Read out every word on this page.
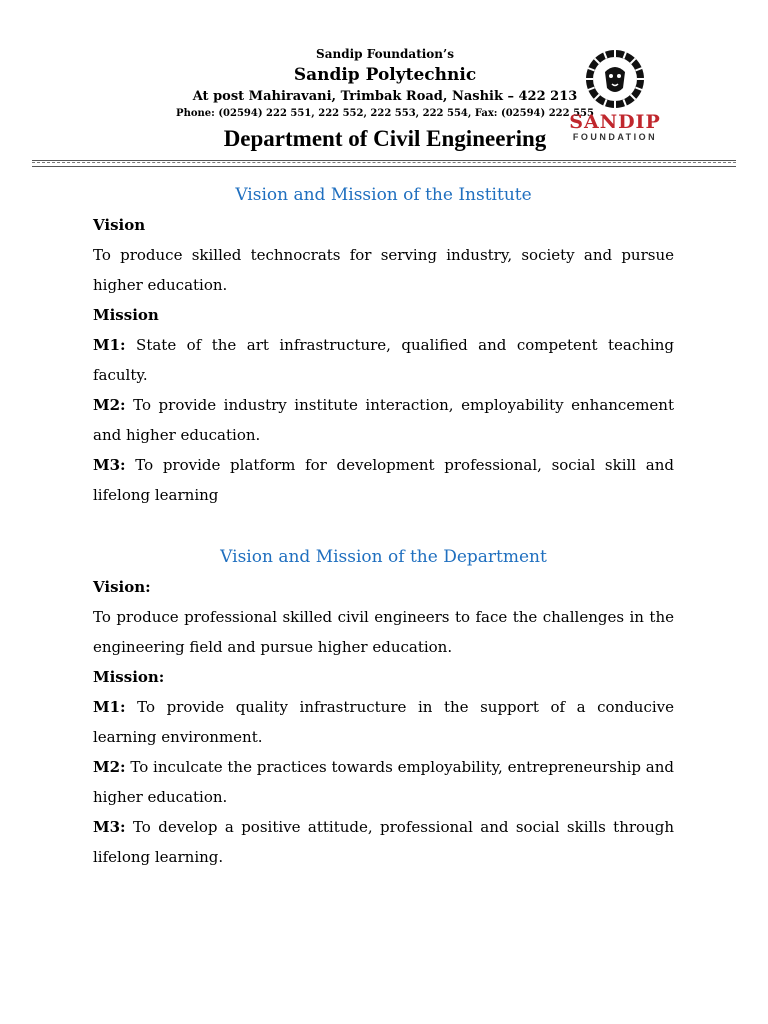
Sandip Foundation’s
Sandip Polytechnic
At post Mahiravani, Trimbak Road, Nashik – 422 213
Phone: (02594) 222 551, 222 552, 222 553, 222 554, Fax: (02594) 222 555
Department of Civil Engineering
SANDIP
FOUNDATION

Vision and Mission of the Institute

Vision

To produce skilled technocrats for serving industry, society and pursue higher education.

Mission

M1: State of the art infrastructure, qualified and competent teaching faculty.

M2: To provide industry institute interaction, employability enhancement and higher education.

M3: To provide platform for development professional, social skill and lifelong learning

Vision and Mission of the Department

Vision:

To produce professional skilled civil engineers to face the challenges in the engineering field and pursue higher education.

Mission:

M1: To provide quality infrastructure in the support of a conducive learning environment.

M2: To inculcate the practices towards employability, entrepreneurship and higher education.

M3: To develop a positive attitude, professional and social skills through lifelong learning.
